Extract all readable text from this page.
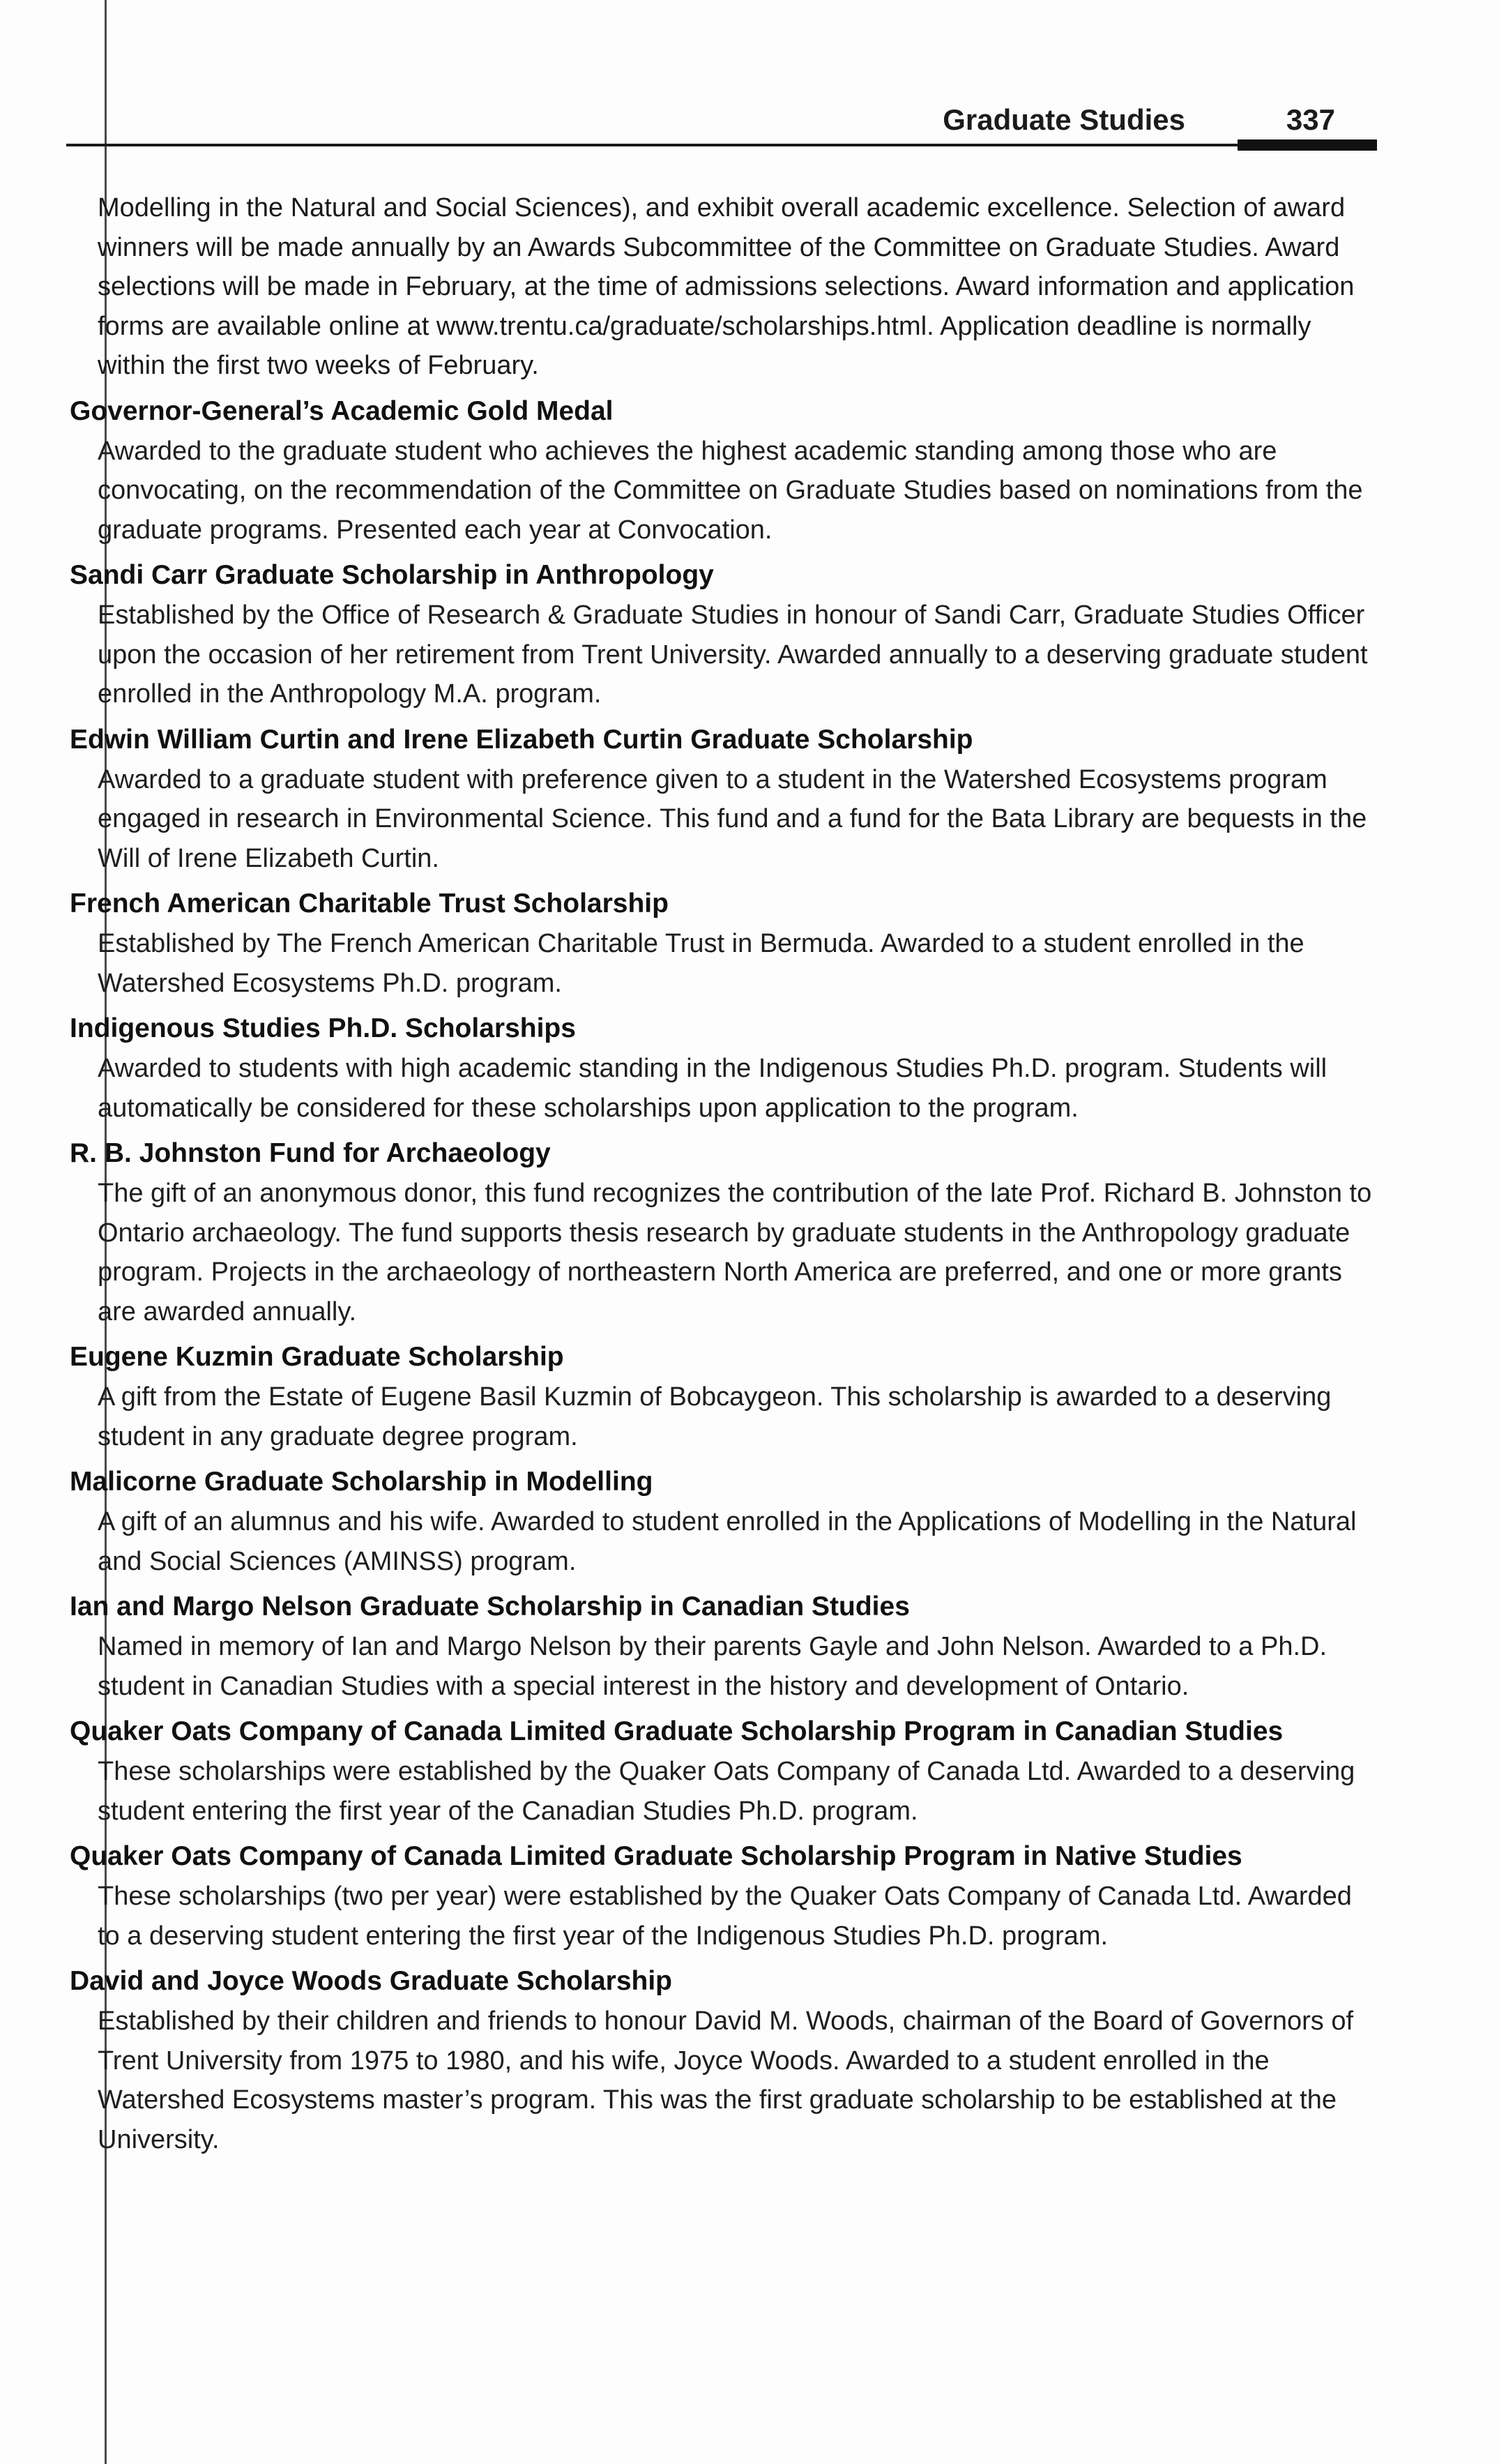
Graduate Studies	337

Modelling in the Natural and Social Sciences), and exhibit overall academic excellence. Selection of award winners will be made annually by an Awards Subcommittee of the Committee on Graduate Studies. Award selections will be made in February, at the time of admissions selections. Award information and application forms are available online at www.trentu.ca/graduate/scholarships.html. Application deadline is normally within the first two weeks of February.

Governor-General’s Academic Gold Medal

Awarded to the graduate student who achieves the highest academic standing among those who are convocating, on the recommendation of the Committee on Graduate Studies based on nominations from the graduate programs. Presented each year at Convocation.

Sandi Carr Graduate Scholarship in Anthropology

Established by the Office of Research & Graduate Studies in honour of Sandi Carr, Graduate Studies Officer upon the occasion of her retirement from Trent University. Awarded annually to a deserving graduate student enrolled in the Anthropology M.A. program.

Edwin William Curtin and Irene Elizabeth Curtin Graduate Scholarship

Awarded to a graduate student with preference given to a student in the Watershed Ecosystems program engaged in research in Environmental Science. This fund and a fund for the Bata Library are bequests in the Will of Irene Elizabeth Curtin.

French American Charitable Trust Scholarship

Established by The French American Charitable Trust in Bermuda. Awarded to a student enrolled in the Watershed Ecosystems Ph.D. program.

Indigenous Studies Ph.D. Scholarships

Awarded to students with high academic standing in the Indigenous Studies Ph.D. program. Students will automatically be considered for these scholarships upon application to the program.

R. B. Johnston Fund for Archaeology

The gift of an anonymous donor, this fund recognizes the contribution of the late Prof. Richard B. Johnston to Ontario archaeology. The fund supports thesis research by graduate students in the Anthropology graduate program. Projects in the archaeology of northeastern North America are preferred, and one or more grants are awarded annually.

Eugene Kuzmin Graduate Scholarship

A gift from the Estate of Eugene Basil Kuzmin of Bobcaygeon. This scholarship is awarded to a deserving student in any graduate degree program.

Malicorne Graduate Scholarship in Modelling

A gift of an alumnus and his wife. Awarded to student enrolled in the Applications of Modelling in the Natural and Social Sciences (AMINSS) program.

Ian and Margo Nelson Graduate Scholarship in Canadian Studies

Named in memory of Ian and Margo Nelson by their parents Gayle and John Nelson. Awarded to a Ph.D. student in Canadian Studies with a special interest in the history and development of Ontario.

Quaker Oats Company of Canada Limited Graduate Scholarship Program in Canadian Studies

These scholarships were established by the Quaker Oats Company of Canada Ltd. Awarded to a deserving student entering the first year of the Canadian Studies Ph.D. program.

Quaker Oats Company of Canada Limited Graduate Scholarship Program in Native Studies

These scholarships (two per year) were established by the Quaker Oats Company of Canada Ltd. Awarded to a deserving student entering the first year of the Indigenous Studies Ph.D. program.

David and Joyce Woods Graduate Scholarship

Established by their children and friends to honour David M. Woods, chairman of the Board of Governors of Trent University from 1975 to 1980, and his wife, Joyce Woods. Awarded to a student enrolled in the Watershed Ecosystems master’s program. This was the first graduate scholarship to be established at the University.
